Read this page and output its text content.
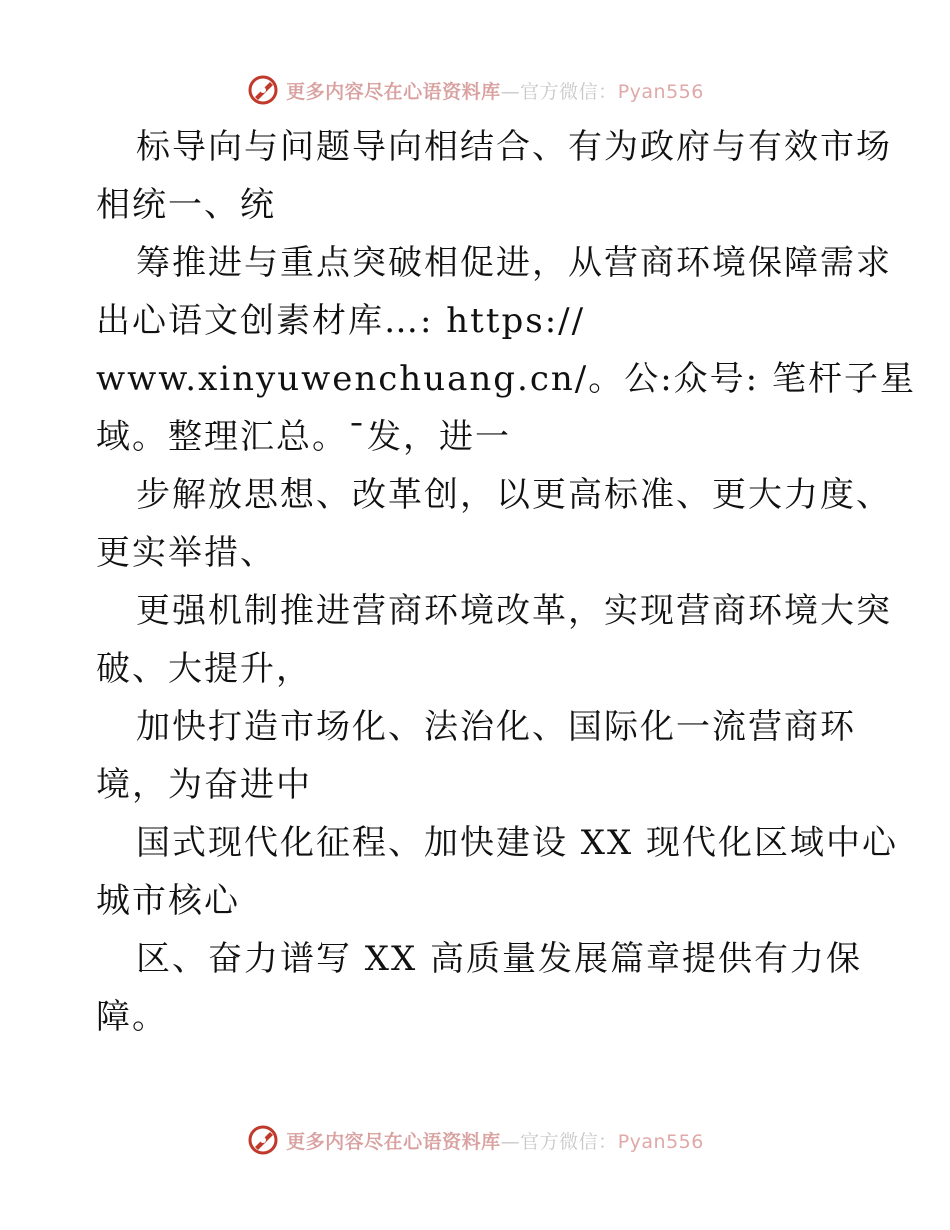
更多内容尽在心语资料库—官方微信：Pyan556
标导向与问题导向相结合、有为政府与有效市场
相统一、统
筹推进与重点突破相促进，从营商环境保障需求
出心语文创素材库…: https://
www.xinyuwenchuang.cn/。公:众号: 笔杆子星
域。整理汇总。¯发，进一
步解放思想、改革创，以更高标准、更大力度、
更实举措、
更强机制推进营商环境改革，实现营商环境大突
破、大提升，
加快打造市场化、法治化、国际化一流营商环
境，为奋进中
国式现代化征程、加快建设 XX 现代化区域中心
城市核心
区、奋力谱写 XX 高质量发展篇章提供有力保
障。
更多内容尽在心语资料库—官方微信：Pyan556
